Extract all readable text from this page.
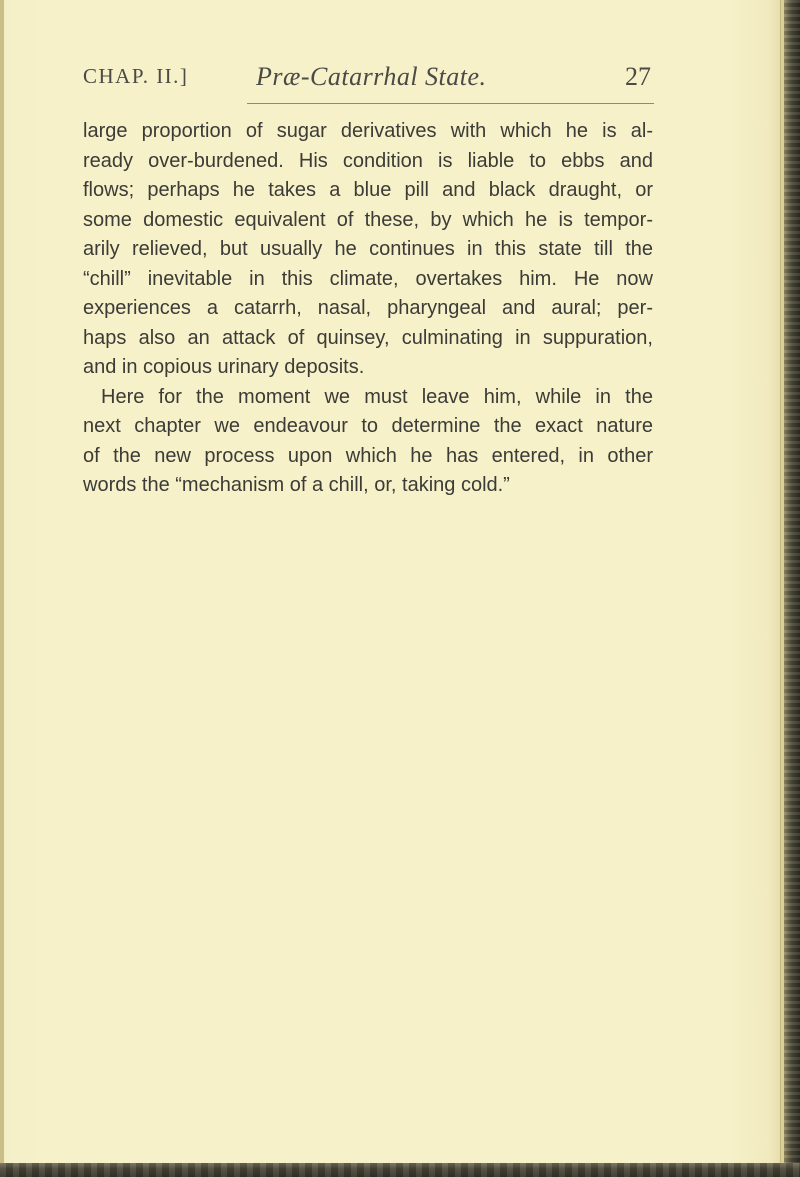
CHAP. II.]	Præ-Catarrhal State.	27
large proportion of sugar derivatives with which he is al-
ready over-burdened. His condition is liable to ebbs and
flows; perhaps he takes a blue pill and black draught, or
some domestic equivalent of these, by which he is tempor-
arily relieved, but usually he continues in this state till the
“chill” inevitable in this climate, overtakes him. He now
experiences a catarrh, nasal, pharyngeal and aural; per-
haps also an attack of quinsey, culminating in suppuration,
and in copious urinary deposits.
Here for the moment we must leave him, while in the
next chapter we endeavour to determine the exact nature
of the new process upon which he has entered, in other
words the “mechanism of a chill, or, taking cold.”
